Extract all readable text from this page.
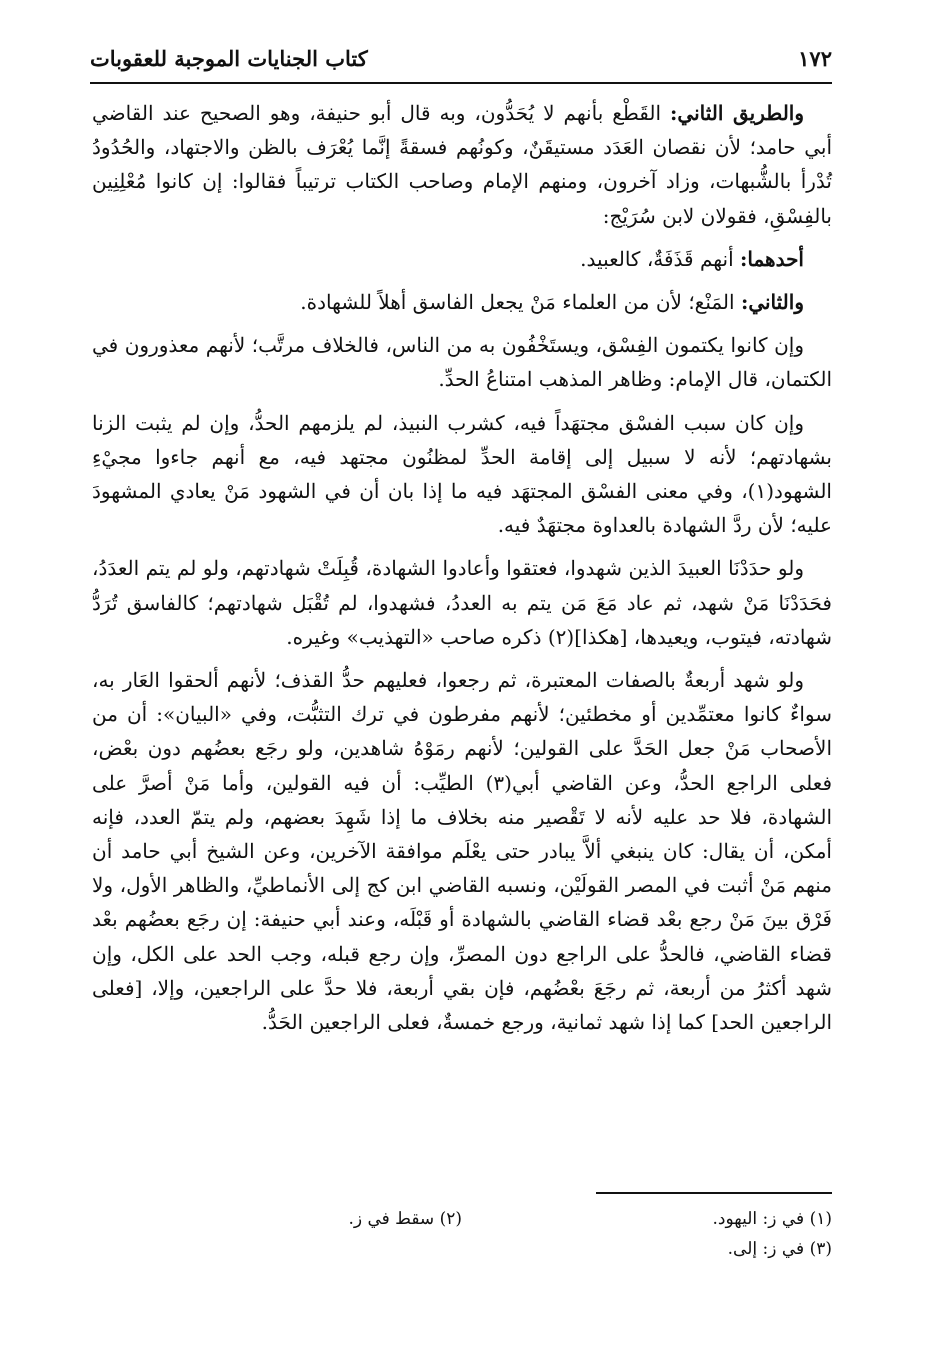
١٧٢
كتاب الجنايات الموجبة للعقوبات

والطريق الثاني: القَطْع بأنهم لا يُحَدُّون، وبه قال أبو حنيفة، وهو الصحيح عند القاضي أبي حامد؛ لأن نقصان العَدَد مستيقَنٌ، وكونُهم فسقةً إنَّما يُعْرَف بالظن والاجتهاد، والحُدُودُ تُدْرأ بالشُّبهات، وزاد آخرون، ومنهم الإمام وصاحب الكتاب ترتيباً فقالوا: إن كانوا مُعْلِنِين بالفِسْقِ، فقولان لابن سُرَيْج:

أحدهما: أنهم قَذَفَةٌ، كالعبيد.

والثاني: المَنْع؛ لأن من العلماء مَنْ يجعل الفاسق أهلاً للشهادة.

وإن كانوا يكتمون الفِسْق، ويستَخْفُون به من الناس، فالخلاف مرتَّب؛ لأنهم معذورون في الكتمان، قال الإمام: وظاهر المذهب امتناعُ الحدِّ.

وإن كان سبب الفسْق مجتهَداً فيه، كشرب النبيذ، لم يلزمهم الحدُّ، وإن لم يثبت الزنا بشهادتهم؛ لأنه لا سبيل إلى إقامة الحدِّ لمظنُون مجتهد فيه، مع أنهم جاءوا مجيْءِ الشهود(١)، وفي معنى الفسْق المجتهَد فيه ما إذا بان أن في الشهود مَنْ يعادي المشهودَ عليه؛ لأن ردَّ الشهادة بالعداوة مجتهَدٌ فيه.

ولو حدَدْنَا العبيدَ الذين شهدوا، فعتقوا وأعادوا الشهادة، قُبِلَتْ شهادتهم، ولو لم يتم العدَدُ، فحَدَدْنَا مَنْ شهد، ثم عاد مَعَ مَن يتم به العددُ، فشهدوا، لم تُقْبَل شهادتهم؛ كالفاسق تُرَدُّ شهادته، فيتوب، ويعيدها، [هكذا](٢) ذكره صاحب «التهذيب» وغيره.

ولو شهد أربعةٌ بالصفات المعتبرة، ثم رجعوا، فعليهم حدُّ القذف؛ لأنهم ألحقوا العَار به، سواءٌ كانوا معتمِّدين أو مخطئين؛ لأنهم مفرطون في ترك التثبُّت، وفي «البيان»: أن من الأصحاب مَنْ جعل الحَدَّ على القولين؛ لأنهم رمَوْهُ شاهدين، ولو رجَع بعضُهم دون بعْض، فعلى الراجع الحدُّ، وعن القاضي أبي(٣) الطيِّب: أن فيه القولين، وأما مَنْ أصرَّ على الشهادة، فلا حد عليه لأنه لا تَقْصير منه بخلاف ما إذا شَهِدَ بعضهم، ولم يتمّ العدد، فإنه أمكن، أن يقال: كان ينبغي ألاَّ يبادر حتى يعْلَم موافقة الآخرين، وعن الشيخ أبي حامد أن منهم مَنْ أثبت في المصر القولَيْن، ونسبه القاضي ابن كج إلى الأنماطيِّ، والظاهر الأول، ولا فَرْق بينَ مَنْ رجع بعْد قضاء القاضي بالشهادة أو قَبْلَه، وعند أبي حنيفة: إن رجَع بعضُهم بعْد قضاء القاضي، فالحدُّ على الراجع دون المصرِّ، وإن رجع قبله، وجب الحد على الكل، وإن شهد أكثرُ من أربعة، ثم رجَعَ بعْضُهم، فإن بقي أربعة، فلا حدَّ على الراجعين، وإلا، [فعلى الراجعين الحد] كما إذا شهد ثمانية، ورجع خمسةٌ، فعلى الراجعين الحَدُّ.

(١) في ز: اليهود.
(٢) سقط في ز.
(٣) في ز: إلى.
